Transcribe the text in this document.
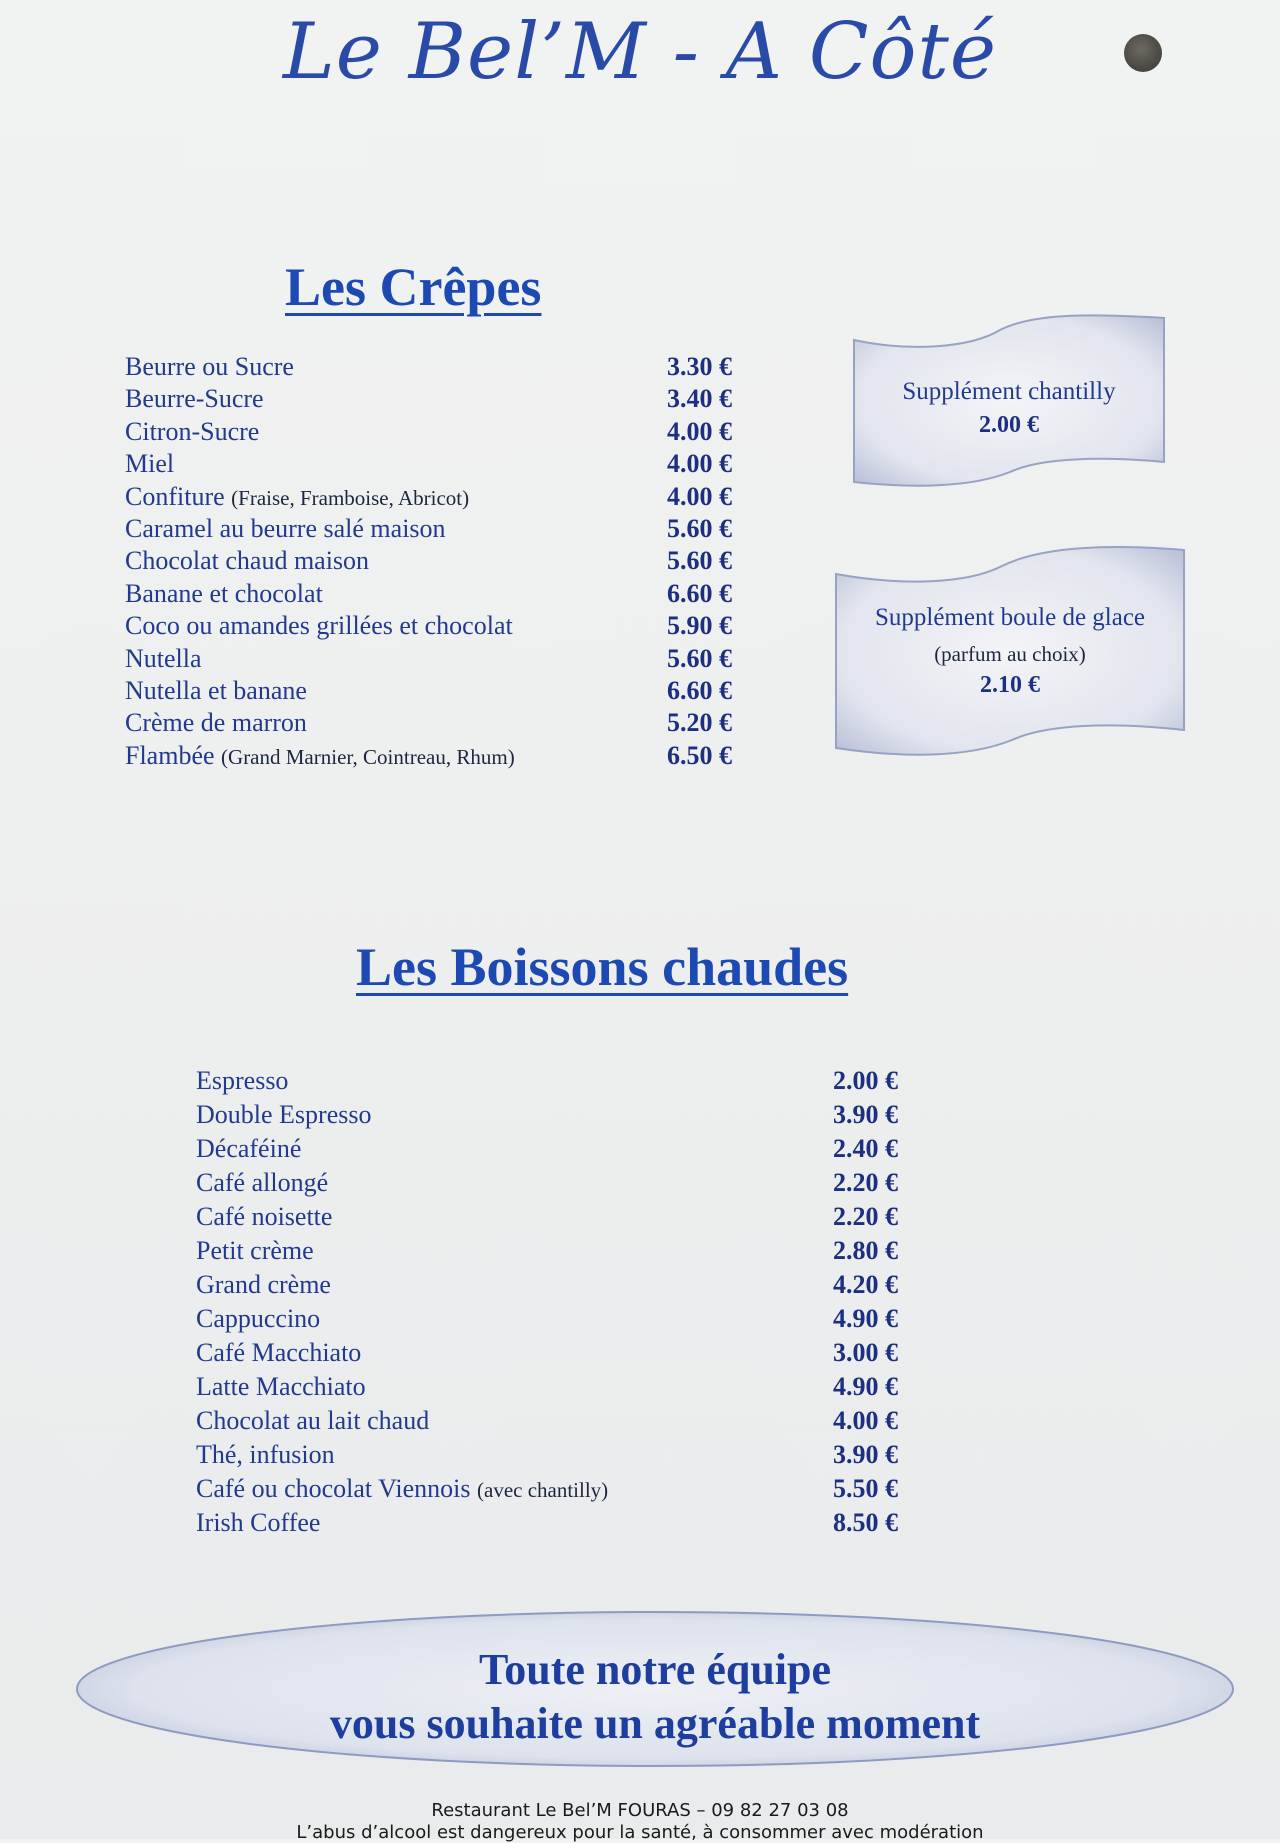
Le Bel’M - A Côté
Les Crêpes
Beurre ou Sucre	3.30 €
Beurre-Sucre	3.40 €
Citron-Sucre	4.00 €
Miel	4.00 €
Confiture (Fraise, Framboise, Abricot)	4.00 €
Caramel au beurre salé maison	5.60 €
Chocolat chaud maison	5.60 €
Banane et chocolat	6.60 €
Coco ou amandes grillées et chocolat	5.90 €
Nutella	5.60 €
Nutella et banane	6.60 €
Crème de marron	5.20 €
Flambée (Grand Marnier, Cointreau, Rhum)	6.50 €
Supplément chantilly
2.00 €
Supplément boule de glace
(parfum au choix)
2.10 €
Les Boissons chaudes
Espresso	2.00 €
Double Espresso	3.90 €
Décaféiné	2.40 €
Café allongé	2.20 €
Café noisette	2.20 €
Petit crème	2.80 €
Grand crème	4.20 €
Cappuccino	4.90 €
Café Macchiato	3.00 €
Latte Macchiato	4.90 €
Chocolat au lait chaud	4.00 €
Thé, infusion	3.90 €
Café ou chocolat Viennois (avec chantilly)	5.50 €
Irish Coffee	8.50 €
Toute notre équipe
vous souhaite un agréable moment
Restaurant Le Bel’M FOURAS – 09 82 27 03 08
L’abus d’alcool est dangereux pour la santé, à consommer avec modération
